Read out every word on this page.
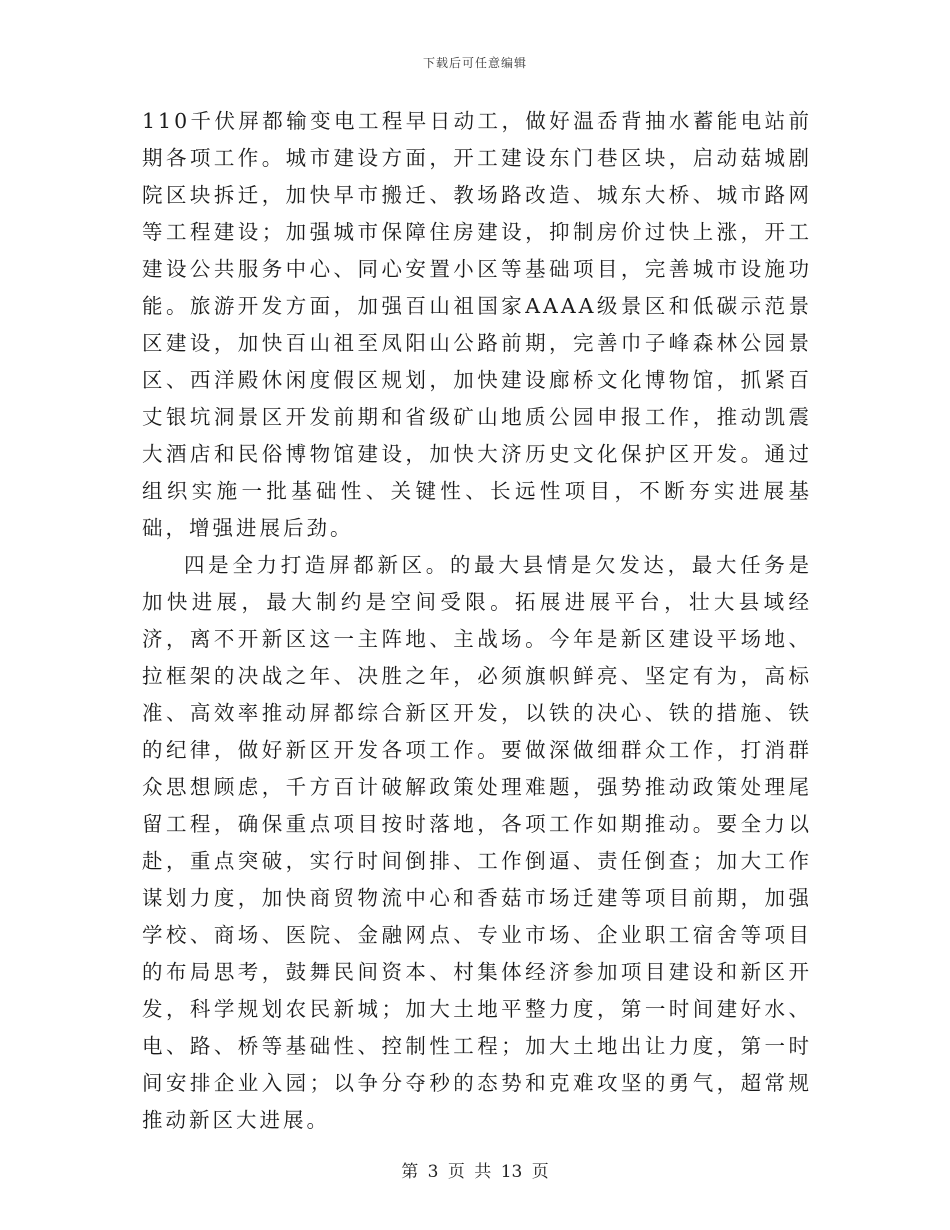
下载后可任意编辑

110千伏屏都输变电工程早日动工，做好温岙背抽水蓄能电站前期各项工作。城市建设方面，开工建设东门巷区块，启动菇城剧院区块拆迁，加快早市搬迁、教场路改造、城东大桥、城市路网等工程建设；加强城市保障住房建设，抑制房价过快上涨，开工建设公共服务中心、同心安置小区等基础项目，完善城市设施功能。旅游开发方面，加强百山祖国家AAAA级景区和低碳示范景区建设，加快百山祖至凤阳山公路前期，完善巾子峰森林公园景区、西洋殿休闲度假区规划，加快建设廊桥文化博物馆，抓紧百丈银坑洞景区开发前期和省级矿山地质公园申报工作，推动凯震大酒店和民俗博物馆建设，加快大济历史文化保护区开发。通过组织实施一批基础性、关键性、长远性项目，不断夯实进展基础，增强进展后劲。

四是全力打造屏都新区。的最大县情是欠发达，最大任务是加快进展，最大制约是空间受限。拓展进展平台，壮大县域经济，离不开新区这一主阵地、主战场。今年是新区建设平场地、拉框架的决战之年、决胜之年，必须旗帜鲜亮、坚定有为，高标准、高效率推动屏都综合新区开发，以铁的决心、铁的措施、铁的纪律，做好新区开发各项工作。要做深做细群众工作，打消群众思想顾虑，千方百计破解政策处理难题，强势推动政策处理尾留工程，确保重点项目按时落地，各项工作如期推动。要全力以赴，重点突破，实行时间倒排、工作倒逼、责任倒查；加大工作谋划力度，加快商贸物流中心和香菇市场迁建等项目前期，加强学校、商场、医院、金融网点、专业市场、企业职工宿舍等项目的布局思考，鼓舞民间资本、村集体经济参加项目建设和新区开发，科学规划农民新城；加大土地平整力度，第一时间建好水、电、路、桥等基础性、控制性工程；加大土地出让力度，第一时间安排企业入园；以争分夺秒的态势和克难攻坚的勇气，超常规推动新区大进展。

第 3 页 共 13 页
